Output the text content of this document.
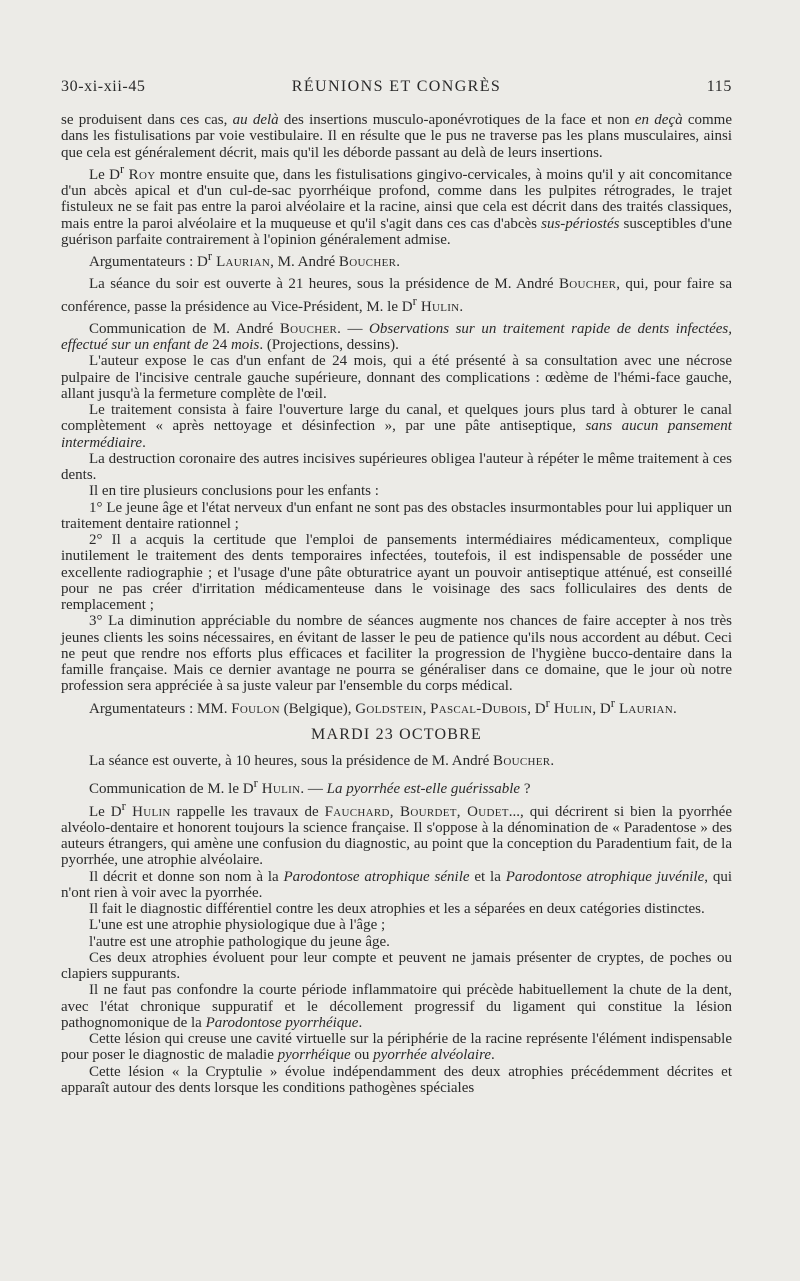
30-xi-xii-45	RÉUNIONS ET CONGRÈS	115

se produisent dans ces cas, au delà des insertions musculo-aponévrotiques de la face et non en deçà comme dans les fistulisations par voie vestibulaire. Il en résulte que le pus ne traverse pas les plans musculaires, ainsi que cela est généralement décrit, mais qu'il les déborde passant au delà de leurs insertions.

Le $D^r$ Roy montre ensuite que, dans les fistulisations gingivo-cervicales, à moins qu'il y ait concomitance d'un abcès apical et d'un cul-de-sac pyorrhéique profond, comme dans les pulpites rétrogrades, le trajet fistuleux ne se fait pas entre la paroi alvéolaire et la racine, ainsi que cela est décrit dans des traités classiques, mais entre la paroi alvéolaire et la muqueuse et qu'il s'agit dans ces cas d'abcès sus-périostés susceptibles d'une guérison parfaite contrairement à l'opinion généralement admise.

Argumentateurs : $D^r$ Laurian, M. André Boucher.

La séance du soir est ouverte à 21 heures, sous la présidence de M. André Boucher, qui, pour faire sa conférence, passe la présidence au Vice-Président, M. le $D^r$ Hulin.

Communication de M. André Boucher. — Observations sur un traitement rapide de dents infectées, effectué sur un enfant de 24 mois. (Projections, dessins).

L'auteur expose le cas d'un enfant de 24 mois, qui a été présenté à sa consultation avec une nécrose pulpaire de l'incisive centrale gauche supérieure, donnant des complications : œdème de l'hémi-face gauche, allant jusqu'à la fermeture complète de l'œil.

Le traitement consista à faire l'ouverture large du canal, et quelques jours plus tard à obturer le canal complètement « après nettoyage et désinfection », par une pâte antiseptique, sans aucun pansement intermédiaire.

La destruction coronaire des autres incisives supérieures obligea l'auteur à répéter le même traitement à ces dents.

Il en tire plusieurs conclusions pour les enfants :

1° Le jeune âge et l'état nerveux d'un enfant ne sont pas des obstacles insurmontables pour lui appliquer un traitement dentaire rationnel ;

2° Il a acquis la certitude que l'emploi de pansements intermédiaires médicamenteux, complique inutilement le traitement des dents temporaires infectées, toutefois, il est indispensable de posséder une excellente radiographie ; et l'usage d'une pâte obturatrice ayant un pouvoir antiseptique atténué, est conseillé pour ne pas créer d'irritation médicamenteuse dans le voisinage des sacs folliculaires des dents de remplacement ;

3° La diminution appréciable du nombre de séances augmente nos chances de faire accepter à nos très jeunes clients les soins nécessaires, en évitant de lasser le peu de patience qu'ils nous accordent au début. Ceci ne peut que rendre nos efforts plus efficaces et faciliter la progression de l'hygiène bucco-dentaire dans la famille française. Mais ce dernier avantage ne pourra se généraliser dans ce domaine, que le jour où notre profession sera appréciée à sa juste valeur par l'ensemble du corps médical.

Argumentateurs : MM. Foulon (Belgique), Goldstein, Pascal-Dubois, $D^r$ Hulin, $D^r$ Laurian.

MARDI 23 OCTOBRE

La séance est ouverte, à 10 heures, sous la présidence de M. André Boucher.

Communication de M. le $D^r$ Hulin. — La pyorrhée est-elle guérissable ?

Le $D^r$ Hulin rappelle les travaux de Fauchard, Bourdet, Oudet..., qui décrirent si bien la pyorrhée alvéolo-dentaire et honorent toujours la science française. Il s'oppose à la dénomination de « Paradentose » des auteurs étrangers, qui amène une confusion du diagnostic, au point que la conception du Paradentium fait, de la pyorrhée, une atrophie alvéolaire.

Il décrit et donne son nom à la Parodontose atrophique sénile et la Parodontose atrophique juvénile, qui n'ont rien à voir avec la pyorrhée.

Il fait le diagnostic différentiel contre les deux atrophies et les a séparées en deux catégories distinctes.

L'une est une atrophie physiologique due à l'âge ;

l'autre est une atrophie pathologique du jeune âge.

Ces deux atrophies évoluent pour leur compte et peuvent ne jamais présenter de cryptes, de poches ou clapiers suppurants.

Il ne faut pas confondre la courte période inflammatoire qui précède habituellement la chute de la dent, avec l'état chronique suppuratif et le décollement progressif du ligament qui constitue la lésion pathognomonique de la Parodontose pyorrhéique.

Cette lésion qui creuse une cavité virtuelle sur la périphérie de la racine représente l'élément indispensable pour poser le diagnostic de maladie pyorrhéique ou pyorrhée alvéolaire.

Cette lésion « la Cryptulie » évolue indépendamment des deux atrophies précédemment décrites et apparaît autour des dents lorsque les conditions pathogènes spéciales
